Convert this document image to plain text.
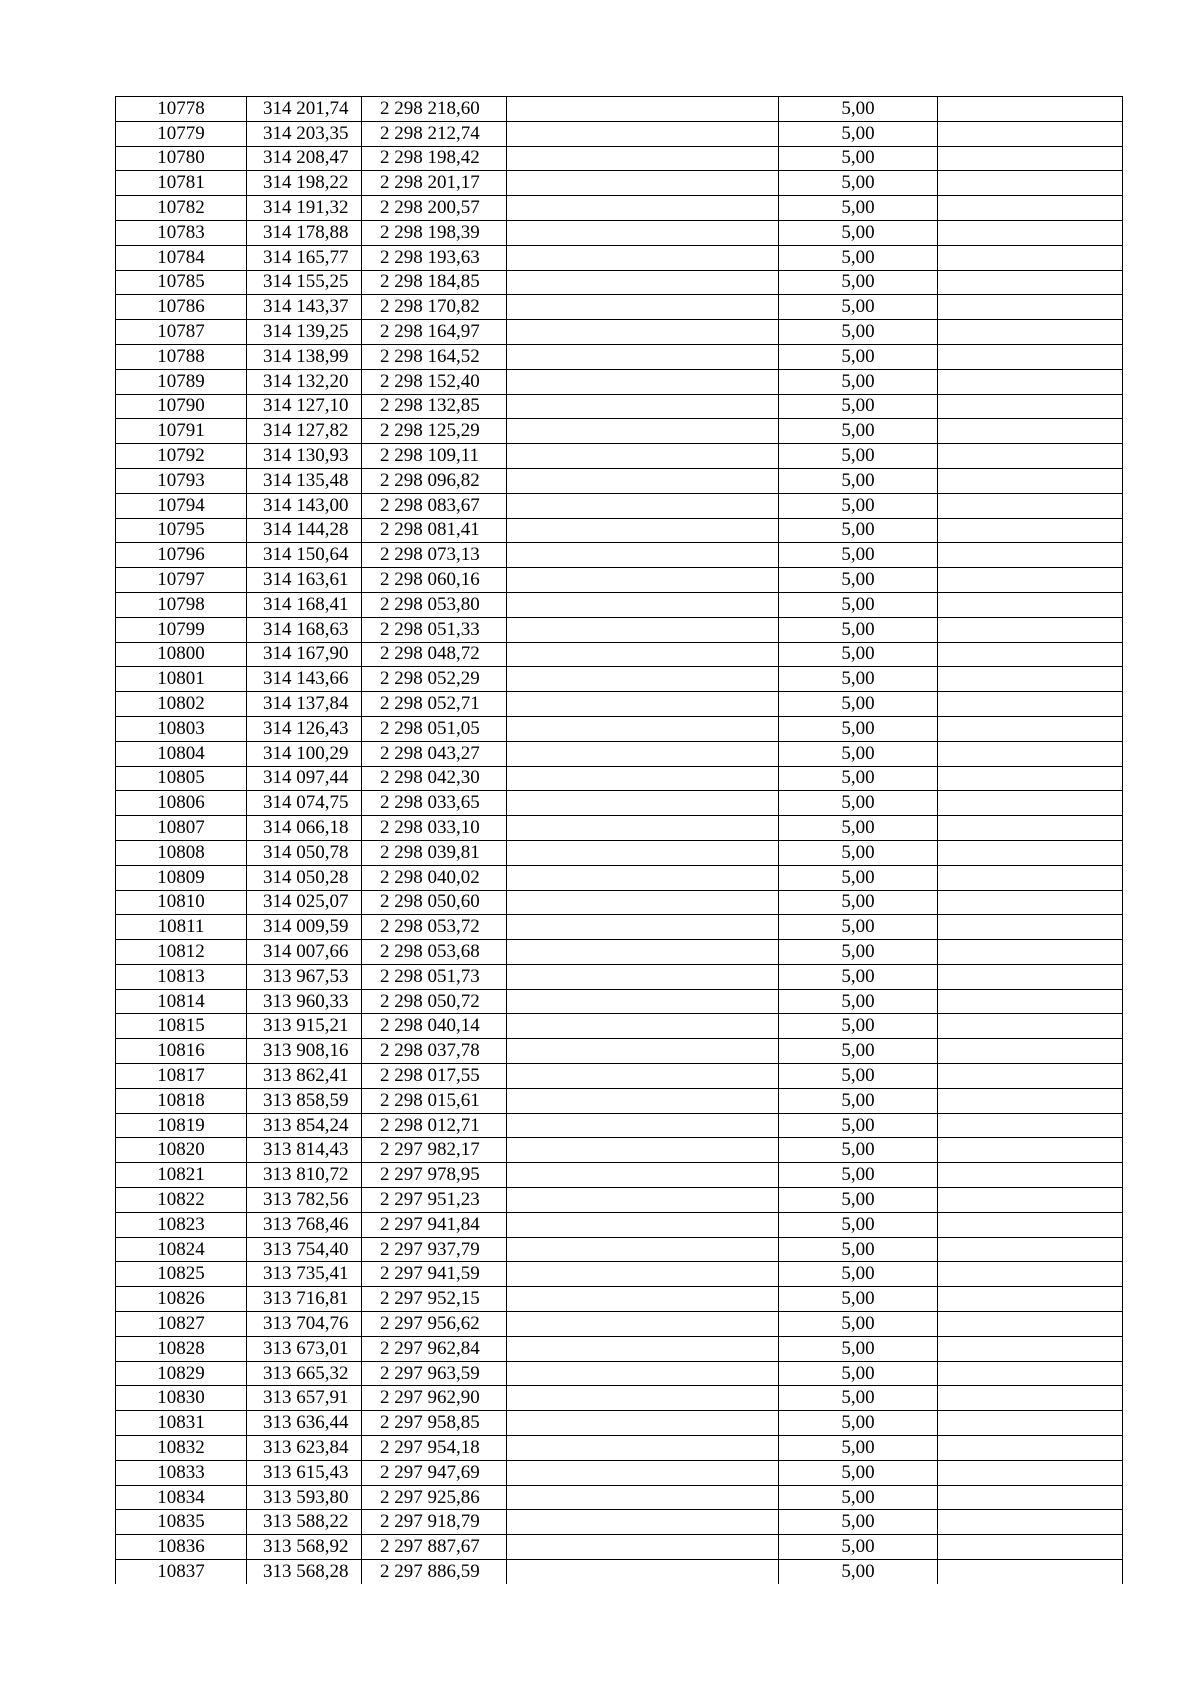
10778	314 201,74	2 298 218,60		5,00	
10779	314 203,35	2 298 212,74		5,00	
10780	314 208,47	2 298 198,42		5,00	
10781	314 198,22	2 298 201,17		5,00	
10782	314 191,32	2 298 200,57		5,00	
10783	314 178,88	2 298 198,39		5,00	
10784	314 165,77	2 298 193,63		5,00	
10785	314 155,25	2 298 184,85		5,00	
10786	314 143,37	2 298 170,82		5,00	
10787	314 139,25	2 298 164,97		5,00	
10788	314 138,99	2 298 164,52		5,00	
10789	314 132,20	2 298 152,40		5,00	
10790	314 127,10	2 298 132,85		5,00	
10791	314 127,82	2 298 125,29		5,00	
10792	314 130,93	2 298 109,11		5,00	
10793	314 135,48	2 298 096,82		5,00	
10794	314 143,00	2 298 083,67		5,00	
10795	314 144,28	2 298 081,41		5,00	
10796	314 150,64	2 298 073,13		5,00	
10797	314 163,61	2 298 060,16		5,00	
10798	314 168,41	2 298 053,80		5,00	
10799	314 168,63	2 298 051,33		5,00	
10800	314 167,90	2 298 048,72		5,00	
10801	314 143,66	2 298 052,29		5,00	
10802	314 137,84	2 298 052,71		5,00	
10803	314 126,43	2 298 051,05		5,00	
10804	314 100,29	2 298 043,27		5,00	
10805	314 097,44	2 298 042,30		5,00	
10806	314 074,75	2 298 033,65		5,00	
10807	314 066,18	2 298 033,10		5,00	
10808	314 050,78	2 298 039,81		5,00	
10809	314 050,28	2 298 040,02		5,00	
10810	314 025,07	2 298 050,60		5,00	
10811	314 009,59	2 298 053,72		5,00	
10812	314 007,66	2 298 053,68		5,00	
10813	313 967,53	2 298 051,73		5,00	
10814	313 960,33	2 298 050,72		5,00	
10815	313 915,21	2 298 040,14		5,00	
10816	313 908,16	2 298 037,78		5,00	
10817	313 862,41	2 298 017,55		5,00	
10818	313 858,59	2 298 015,61		5,00	
10819	313 854,24	2 298 012,71		5,00	
10820	313 814,43	2 297 982,17		5,00	
10821	313 810,72	2 297 978,95		5,00	
10822	313 782,56	2 297 951,23		5,00	
10823	313 768,46	2 297 941,84		5,00	
10824	313 754,40	2 297 937,79		5,00	
10825	313 735,41	2 297 941,59		5,00	
10826	313 716,81	2 297 952,15		5,00	
10827	313 704,76	2 297 956,62		5,00	
10828	313 673,01	2 297 962,84		5,00	
10829	313 665,32	2 297 963,59		5,00	
10830	313 657,91	2 297 962,90		5,00	
10831	313 636,44	2 297 958,85		5,00	
10832	313 623,84	2 297 954,18		5,00	
10833	313 615,43	2 297 947,69		5,00	
10834	313 593,80	2 297 925,86		5,00	
10835	313 588,22	2 297 918,79		5,00	
10836	313 568,92	2 297 887,67		5,00	
10837	313 568,28	2 297 886,59		5,00	
